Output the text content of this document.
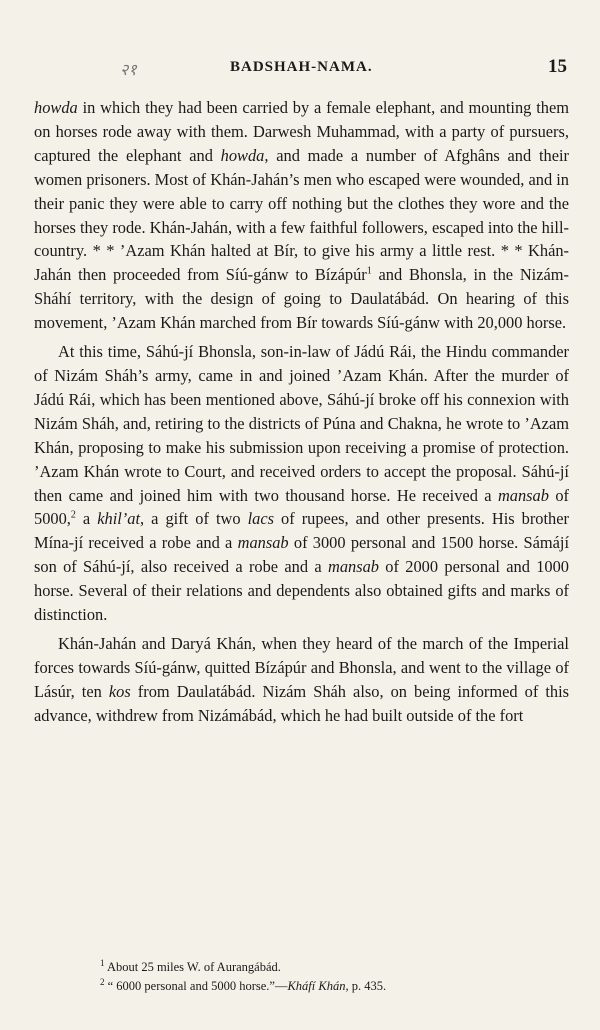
२१	BADSHAH-NAMA.	15

howda in which they had been carried by a female elephant, and mounting them on horses rode away with them. Darwesh Muhammad, with a party of pursuers, captured the elephant and howda, and made a number of Afghâns and their women prisoners. Most of Khán-Jahán’s men who escaped were wounded, and in their panic they were able to carry off nothing but the clothes they wore and the horses they rode. Khán-Jahán, with a few faithful followers, escaped into the hill-country. * * ’Azam Khán halted at Bír, to give his army a little rest. * * Khán-Jahán then proceeded from Síú-gánw to Bízápúr$^1$ and Bhonsla, in the Nizám-Sháhí territory, with the design of going to Daulatábád. On hearing of this movement, ’Azam Khán marched from Bír towards Síú-gánw with 20,000 horse.

At this time, Sáhú-jí Bhonsla, son-in-law of Jádú Rái, the Hindu commander of Nizám Sháh’s army, came in and joined ’Azam Khán. After the murder of Jádú Rái, which has been mentioned above, Sáhú-jí broke off his connexion with Nizám Sháh, and, retiring to the districts of Púna and Chakna, he wrote to ’Azam Khán, proposing to make his submission upon receiving a promise of protection. ’Azam Khán wrote to Court, and received orders to accept the proposal. Sáhú-jí then came and joined him with two thousand horse. He received a mansab of 5000,$^2$ a khil’at, a gift of two lacs of rupees, and other presents. His brother Mína-jí received a robe and a mansab of 3000 personal and 1500 horse. Sámájí son of Sáhú-jí, also received a robe and a mansab of 2000 personal and 1000 horse. Several of their relations and dependents also obtained gifts and marks of distinction.

Khán-Jahán and Daryá Khán, when they heard of the march of the Imperial forces towards Síú-gánw, quitted Bízápúr and Bhonsla, and went to the village of Lásúr, ten kos from Daulatábád. Nizám Sháh also, on being informed of this advance, withdrew from Nizámábád, which he had built outside of the fort

$^1$ About 25 miles W. of Aurangábád.

$^2$ “ 6000 personal and 5000 horse.”—Kháfí Khán, p. 435.
